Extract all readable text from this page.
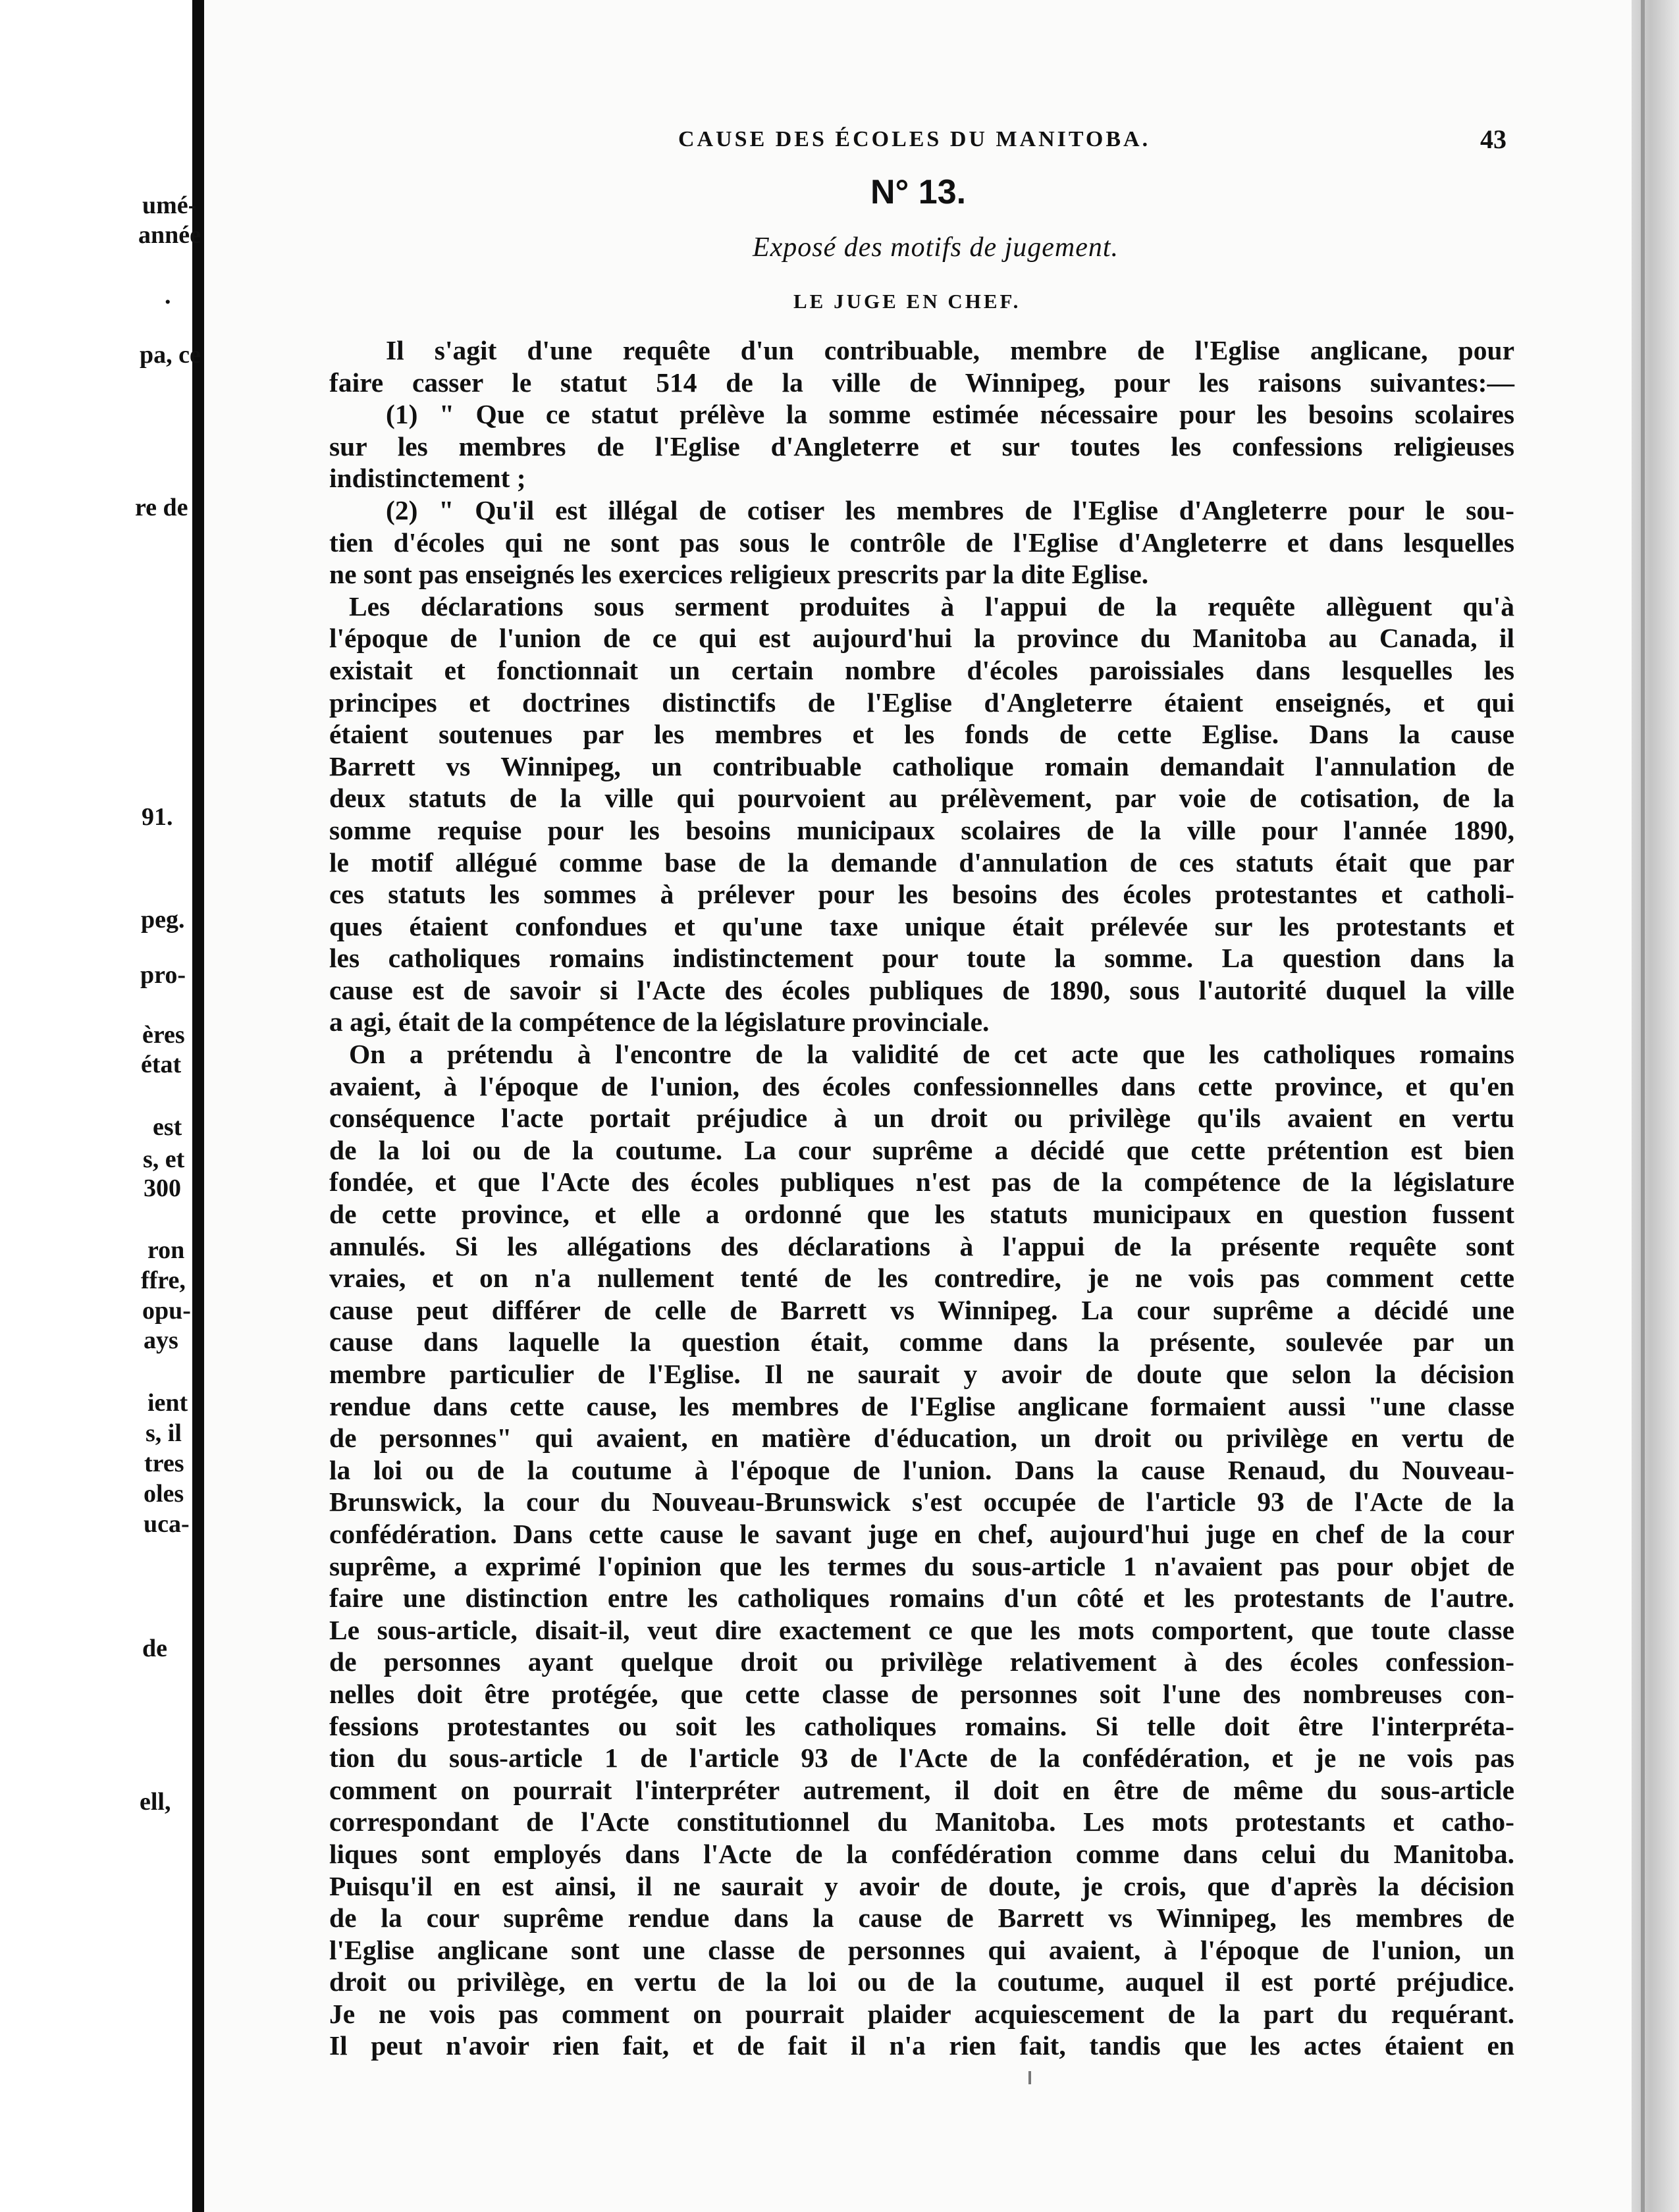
umé-
année
.
pa, ce
re de
91.
peg.
pro-
ères
état
est
s, et
300
ron
ffre,
opu-
ays
ient
s, il
tres
oles
uca-
de
ell,
CAUSE DES ÉCOLES DU MANITOBA.	43
N° 13.
Exposé des motifs de jugement.
LE JUGE EN CHEF.
Il s'agit d'une requête d'un contribuable, membre de l'Eglise anglicane, pour
faire casser le statut 514 de la ville de Winnipeg, pour les raisons suivantes:—
(1) " Que ce statut prélève la somme estimée nécessaire pour les besoins scolaires
sur les membres de l'Eglise d'Angleterre et sur toutes les confessions religieuses
indistinctement ;
(2) " Qu'il est illégal de cotiser les membres de l'Eglise d'Angleterre pour le sou-
tien d'écoles qui ne sont pas sous le contrôle de l'Eglise d'Angleterre et dans lesquelles
ne sont pas enseignés les exercices religieux prescrits par la dite Eglise.
Les déclarations sous serment produites à l'appui de la requête allèguent qu'à
l'époque de l'union de ce qui est aujourd'hui la province du Manitoba au Canada, il
existait et fonctionnait un certain nombre d'écoles paroissiales dans lesquelles les
principes et doctrines distinctifs de l'Eglise d'Angleterre étaient enseignés, et qui
étaient soutenues par les membres et les fonds de cette Eglise. Dans la cause
Barrett vs Winnipeg, un contribuable catholique romain demandait l'annulation de
deux statuts de la ville qui pourvoient au prélèvement, par voie de cotisation, de la
somme requise pour les besoins municipaux scolaires de la ville pour l'année 1890,
le motif allégué comme base de la demande d'annulation de ces statuts était que par
ces statuts les sommes à prélever pour les besoins des écoles protestantes et catholi-
ques étaient confondues et qu'une taxe unique était prélevée sur les protestants et
les catholiques romains indistinctement pour toute la somme. La question dans la
cause est de savoir si l'Acte des écoles publiques de 1890, sous l'autorité duquel la ville
a agi, était de la compétence de la législature provinciale.
On a prétendu à l'encontre de la validité de cet acte que les catholiques romains
avaient, à l'époque de l'union, des écoles confessionnelles dans cette province, et qu'en
conséquence l'acte portait préjudice à un droit ou privilège qu'ils avaient en vertu
de la loi ou de la coutume. La cour suprême a décidé que cette prétention est bien
fondée, et que l'Acte des écoles publiques n'est pas de la compétence de la législature
de cette province, et elle a ordonné que les statuts municipaux en question fussent
annulés. Si les allégations des déclarations à l'appui de la présente requête sont
vraies, et on n'a nullement tenté de les contredire, je ne vois pas comment cette
cause peut différer de celle de Barrett vs Winnipeg. La cour suprême a décidé une
cause dans laquelle la question était, comme dans la présente, soulevée par un
membre particulier de l'Eglise. Il ne saurait y avoir de doute que selon la décision
rendue dans cette cause, les membres de l'Eglise anglicane formaient aussi "une classe
de personnes" qui avaient, en matière d'éducation, un droit ou privilège en vertu de
la loi ou de la coutume à l'époque de l'union. Dans la cause Renaud, du Nouveau-
Brunswick, la cour du Nouveau-Brunswick s'est occupée de l'article 93 de l'Acte de la
confédération. Dans cette cause le savant juge en chef, aujourd'hui juge en chef de la cour
suprême, a exprimé l'opinion que les termes du sous-article 1 n'avaient pas pour objet de
faire une distinction entre les catholiques romains d'un côté et les protestants de l'autre.
Le sous-article, disait-il, veut dire exactement ce que les mots comportent, que toute classe
de personnes ayant quelque droit ou privilège relativement à des écoles confession-
nelles doit être protégée, que cette classe de personnes soit l'une des nombreuses con-
fessions protestantes ou soit les catholiques romains. Si telle doit être l'interpréta-
tion du sous-article 1 de l'article 93 de l'Acte de la confédération, et je ne vois pas
comment on pourrait l'interpréter autrement, il doit en être de même du sous-article
correspondant de l'Acte constitutionnel du Manitoba. Les mots protestants et catho-
liques sont employés dans l'Acte de la confédération comme dans celui du Manitoba.
Puisqu'il en est ainsi, il ne saurait y avoir de doute, je crois, que d'après la décision
de la cour suprême rendue dans la cause de Barrett vs Winnipeg, les membres de
l'Eglise anglicane sont une classe de personnes qui avaient, à l'époque de l'union, un
droit ou privilège, en vertu de la loi ou de la coutume, auquel il est porté préjudice.
Je ne vois pas comment on pourrait plaider acquiescement de la part du requérant.
Il peut n'avoir rien fait, et de fait il n'a rien fait, tandis que les actes étaient en
